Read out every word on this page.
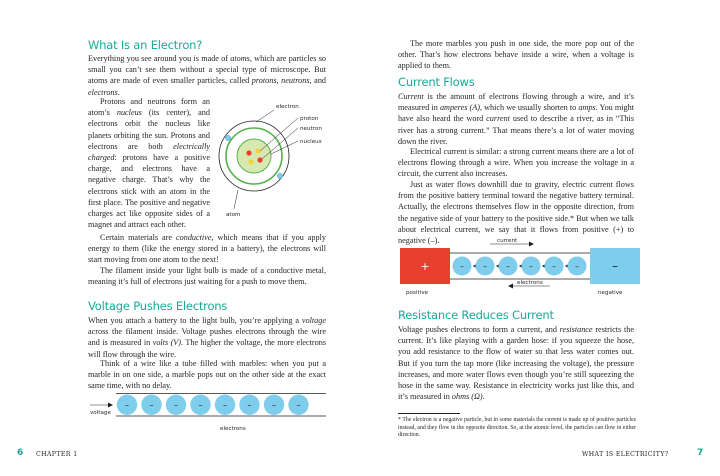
What Is an Electron?
Everything you see around you is made of atoms, which are particles so small you can’t see them without a special type of microscope. But atoms are made of even smaller particles, called protons, neutrons, and electrons.
Protons and neutrons form an atom’s nucleus (its center), and electrons orbit the nucleus like planets orbiting the sun. Protons and electrons are both electrically charged: protons have a positive charge, and electrons have a negative charge. That’s why the electrons stick with an atom in the first place. The positive and negative charges act like opposite sides of a magnet and attract each other.
electron
proton
neutron
nucleus
atom
Certain materials are conductive, which means that if you apply energy to them (like the energy stored in a battery), the electrons will start moving from one atom to the next!
The filament inside your light bulb is made of a conductive metal, meaning it’s full of electrons just waiting for a push to move them.
Voltage Pushes Electrons
When you attach a battery to the light bulb, you’re applying a voltage across the filament inside. Voltage pushes electrons through the wire and is measured in volts (V). The higher the voltage, the more electrons will flow through the wire.
Think of a wire like a tube filled with marbles: when you put a marble in on one side, a marble pops out on the other side at the exact same time, with no delay.
voltage
–	–	–	–	–	–	–	–
electrons
CHAPTER 1
6
The more marbles you push in one side, the more pop out of the other. That’s how electrons behave inside a wire, when a voltage is applied to them.
Current Flows
Current is the amount of electrons flowing through a wire, and it’s measured in amperes (A), which we usually shorten to amps. You might have also heard the word current used to describe a river, as in “This river has a strong current.” That means there’s a lot of water moving down the river.
Electrical current is similar: a strong current means there are a lot of electrons flowing through a wire. When you increase the voltage in a circuit, the current also increases.
Just as water flows downhill due to gravity, electric current flows from the positive battery terminal toward the negative battery terminal. Actually, the electrons themselves flow in the opposite direction, from the negative side of your battery to the positive side.* But when we talk about electrical current, we say that it flows from positive (+) to negative (–).	current
+	–
–	–	–	–	–	–
electrons
positive	negative
Resistance Reduces Current
Voltage pushes electrons to form a current, and resistance restricts the current. It’s like playing with a garden hose: if you squeeze the hose, you add resistance to the flow of water so that less water comes out. But if you turn the tap more (like increasing the voltage), the pressure increases, and more water flows even though you’re still squeezing the hose in the same way. Resistance in electricity works just like this, and it’s measured in ohms (Ω).
* The electron is a negative particle, but in some materials the current is made up of positive particles instead, and they flow in the opposite direction. So, at the atomic level, the particles can flow in either direction.
WHAT IS ELECTRICITY?	7
